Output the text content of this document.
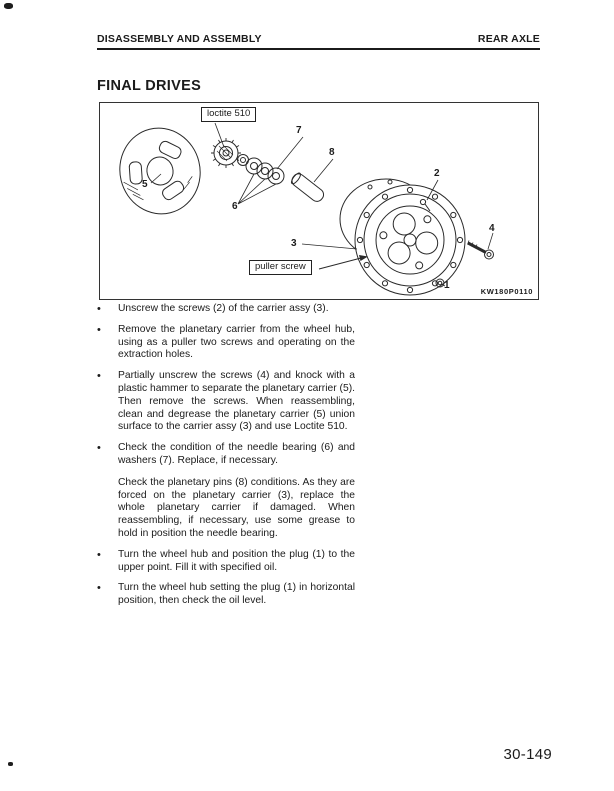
DISASSEMBLY AND ASSEMBLY	REAR AXLE
FINAL DRIVES
loctite 510
puller screw
1
2
3
4
5
6
7
8
KW180P0110
•	Unscrew the screws (2) of the carrier assy (3).

•	Remove the planetary carrier from the wheel hub, using as a puller two screws and operating on the extraction holes.

•	Partially unscrew the screws (4) and knock with a plastic hammer to separate the planetary carrier (5). Then remove the screws. When reassembling, clean and degrease the planetary carrier (5) union surface to the carrier assy (3) and use Loctite 510.

•	Check the condition of the needle bearing (6) and washers (7). Replace, if necessary.

Check the planetary pins (8) conditions. As they are forced on the planetary carrier (3), replace the whole planetary carrier if damaged. When reassembling, if necessary, use some grease to hold in position the needle bearing.

•	Turn the wheel hub and position the plug (1) to the upper point. Fill it with specified oil.

•	Turn the wheel hub setting the plug (1) in horizontal position, then check the oil level.

30-149
